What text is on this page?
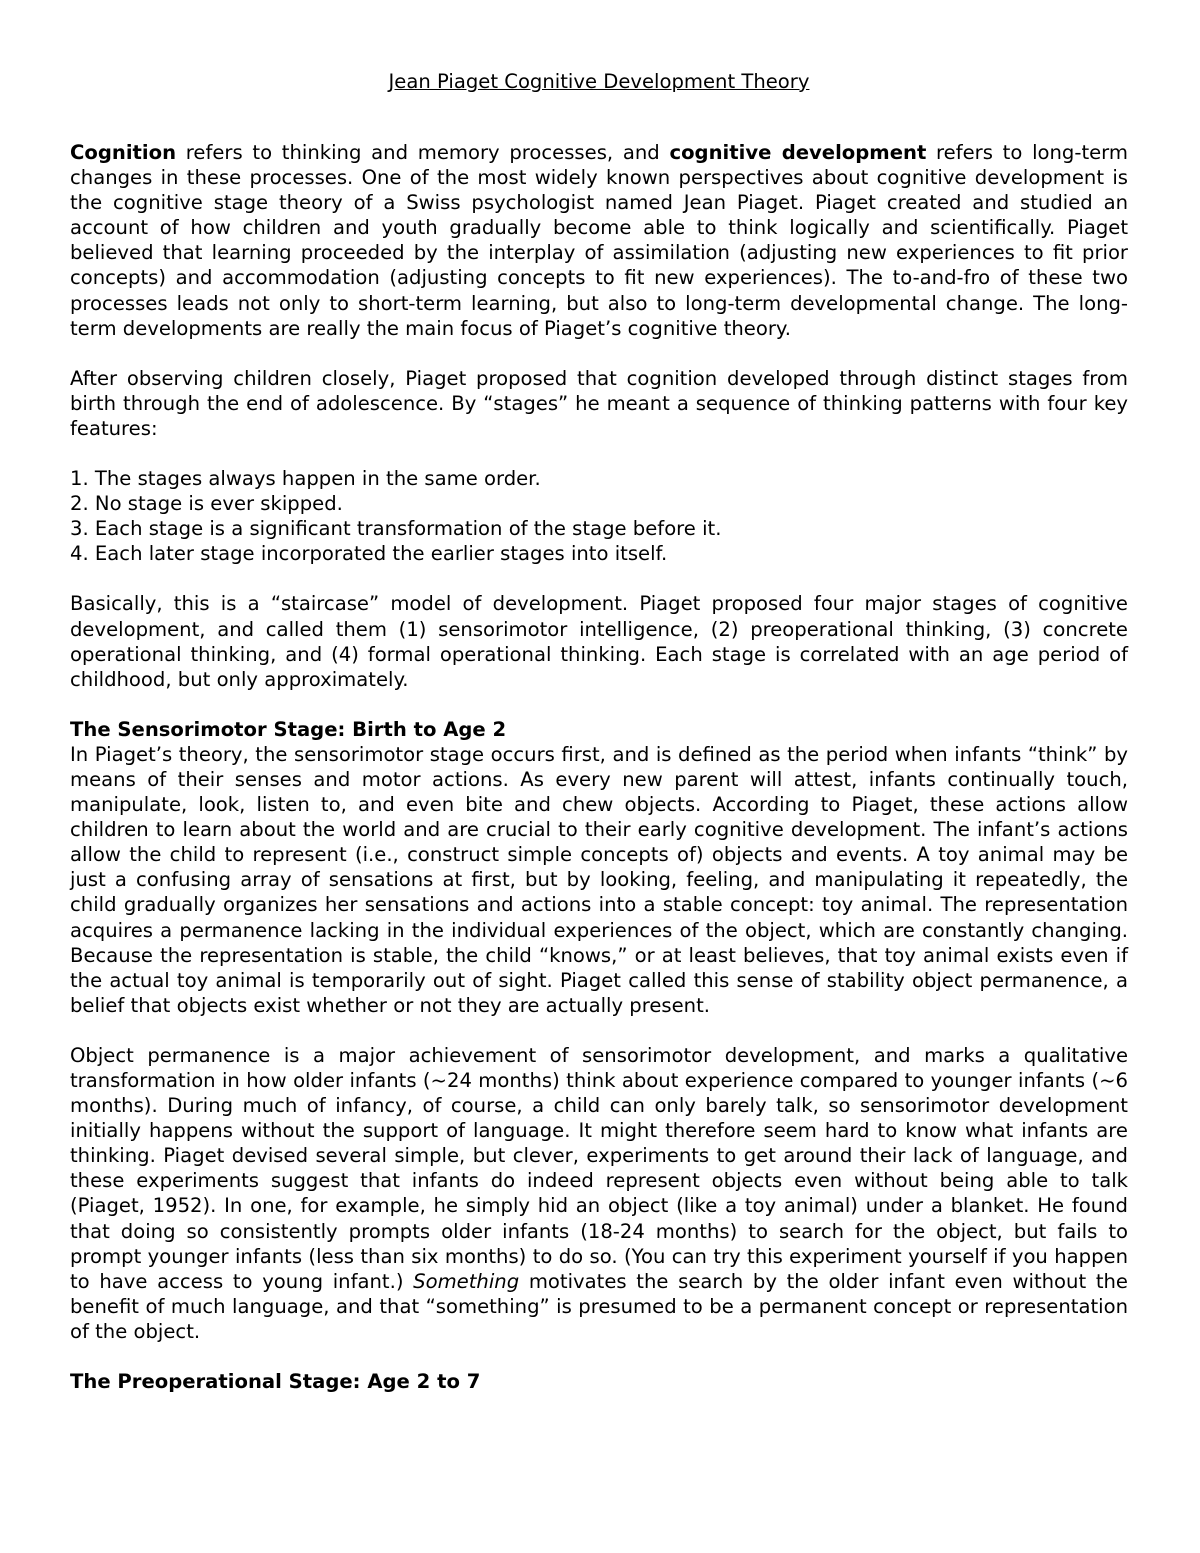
Jean Piaget Cognitive Development Theory

Cognition refers to thinking and memory processes, and cognitive development refers to long-term changes in these processes. One of the most widely known perspectives about cognitive development is the cognitive stage theory of a Swiss psychologist named Jean Piaget. Piaget created and studied an account of how children and youth gradually become able to think logically and scientifically. Piaget believed that learning proceeded by the interplay of assimilation (adjusting new experiences to fit prior concepts) and accommodation (adjusting concepts to fit new experiences). The to-and-fro of these two processes leads not only to short-term learning, but also to long-term developmental change. The long-term developments are really the main focus of Piaget’s cognitive theory.

After observing children closely, Piaget proposed that cognition developed through distinct stages from birth through the end of adolescence. By “stages” he meant a sequence of thinking patterns with four key features:

1. The stages always happen in the same order.
2. No stage is ever skipped.
3. Each stage is a significant transformation of the stage before it.
4. Each later stage incorporated the earlier stages into itself.

Basically, this is a “staircase” model of development. Piaget proposed four major stages of cognitive development, and called them (1) sensorimotor intelligence, (2) preoperational thinking, (3) concrete operational thinking, and (4) formal operational thinking. Each stage is correlated with an age period of childhood, but only approximately.

The Sensorimotor Stage: Birth to Age 2

In Piaget’s theory, the sensorimotor stage occurs first, and is defined as the period when infants “think” by means of their senses and motor actions. As every new parent will attest, infants continually touch, manipulate, look, listen to, and even bite and chew objects. According to Piaget, these actions allow children to learn about the world and are crucial to their early cognitive development. The infant’s actions allow the child to represent (i.e., construct simple concepts of) objects and events. A toy animal may be just a confusing array of sensations at first, but by looking, feeling, and manipulating it repeatedly, the child gradually organizes her sensations and actions into a stable concept: toy animal. The representation acquires a permanence lacking in the individual experiences of the object, which are constantly changing. Because the representation is stable, the child “knows,” or at least believes, that toy animal exists even if the actual toy animal is temporarily out of sight. Piaget called this sense of stability object permanence, a belief that objects exist whether or not they are actually present.

Object permanence is a major achievement of sensorimotor development, and marks a qualitative transformation in how older infants (~24 months) think about experience compared to younger infants (~6 months). During much of infancy, of course, a child can only barely talk, so sensorimotor development initially happens without the support of language. It might therefore seem hard to know what infants are thinking. Piaget devised several simple, but clever, experiments to get around their lack of language, and these experiments suggest that infants do indeed represent objects even without being able to talk (Piaget, 1952). In one, for example, he simply hid an object (like a toy animal) under a blanket. He found that doing so consistently prompts older infants (18-24 months) to search for the object, but fails to prompt younger infants (less than six months) to do so. (You can try this experiment yourself if you happen to have access to young infant.) Something motivates the search by the older infant even without the benefit of much language, and that “something” is presumed to be a permanent concept or representation of the object.

The Preoperational Stage: Age 2 to 7
